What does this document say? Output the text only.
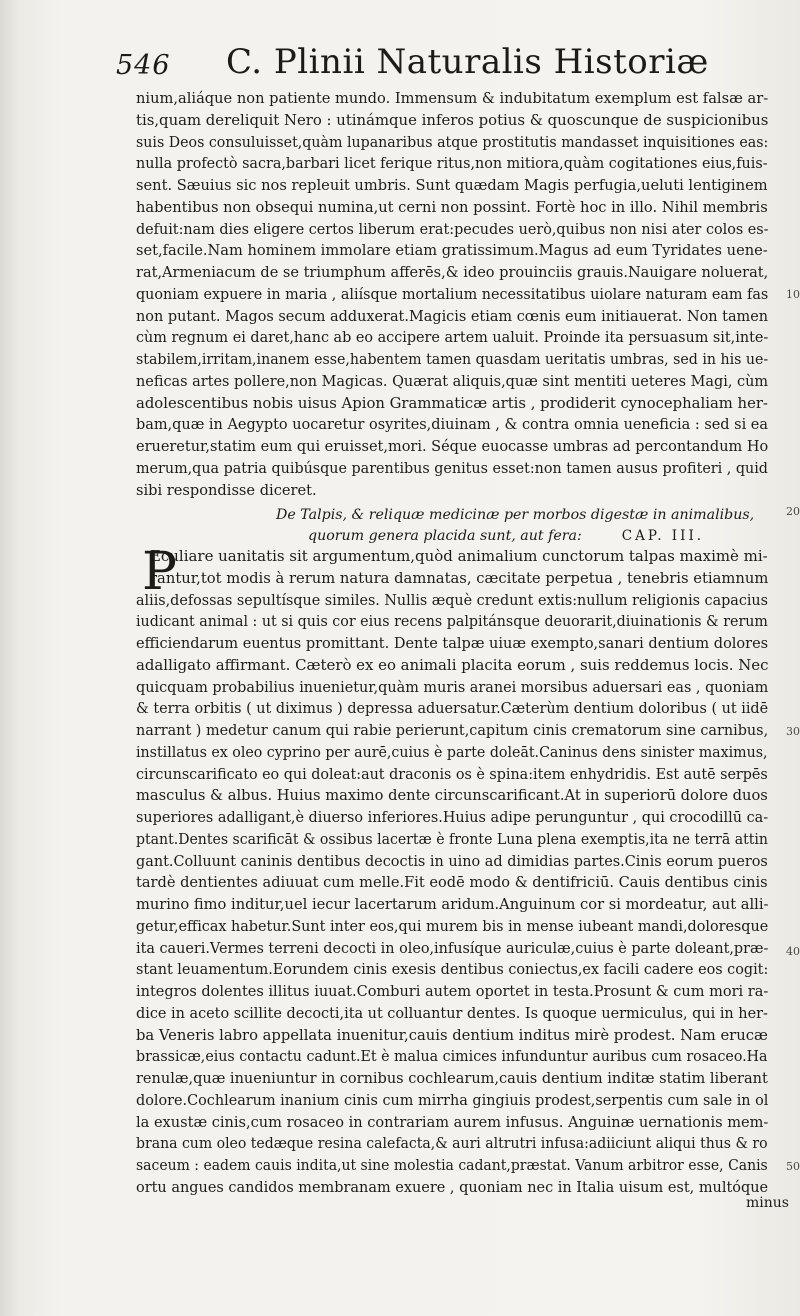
546 C. Plinii Naturalis Historiæ
nium,aliáque non patiente mundo. Immensum & indubitatum exemplum est falsæ ar-
tis,quam dereliquit Nero : utinámque inferos potius & quoscunque de suspicionibus
suis Deos consuluisset,quàm lupanaribus atque prostitutis mandasset inquisitiones eas:
nulla profectò sacra,barbari licet ferique ritus,non mitiora,quàm cogitationes eius,fuis-
sent. Sæuius sic nos repleuit umbris. Sunt quædam Magis perfugia,ueluti lentiginem
habentibus non obsequi numina,ut cerni non possint. Fortè hoc in illo. Nihil membris
defuit:nam dies eligere certos liberum erat:pecudes uerò,quibus non nisi ater colos es-
set,facile.Nam hominem immolare etiam gratissimum.Magus ad eum Tyridates uene-
rat,Armeniacum de se triumphum afferēs,& ideo prouinciis grauis.Nauigare noluerat,
quoniam expuere in maria , aliísque mortalium necessitatibus uiolare naturam eam fas
non putant. Magos secum adduxerat.Magicis etiam cœnis eum initiauerat. Non tamen
cùm regnum ei daret,hanc ab eo accipere artem ualuit. Proinde ita persuasum sit,inte-
stabilem,irritam,inanem esse,habentem tamen quasdam ueritatis umbras, sed in his ue-
neficas artes pollere,non Magicas. Quærat aliquis,quæ sint mentiti ueteres Magi, cùm
adolescentibus nobis uisus Apion Grammaticæ artis , prodiderit cynocephaliam her-
bam,quæ in Aegypto uocaretur osyrites,diuinam , & contra omnia ueneficia : sed si ea
erueretur,statim eum qui eruisset,mori. Séque euocasse umbras ad percontandum Ho
merum,qua patria quibúsque parentibus genitus esset:non tamen ausus profiteri , quid
sibi respondisse diceret.
De Talpis, & reliquæ medicinæ per morbos digestæ in animalibus,
quorum genera placida sunt, aut fera:	CAP. III.
P
Eculiare uanitatis sit argumentum,quòd animalium cunctorum talpas maximè mi-
rantur,tot modis à rerum natura damnatas, cæcitate perpetua , tenebris etiamnum
aliis,defossas sepultísque similes. Nullis æquè credunt extis:nullum religionis capacius
iudicant animal : ut si quis cor eius recens palpitánsque deuorarit,diuinationis & rerum
efficiendarum euentus promittant. Dente talpæ uiuæ exempto,sanari dentium dolores
adalligato affirmant. Cæterò ex eo animali placita eorum , suis reddemus locis. Nec
quicquam probabilius inuenietur,quàm muris aranei morsibus aduersari eas , quoniam
& terra orbitis ( ut diximus ) depressa aduersatur.Cæterùm dentium doloribus ( ut iidē
narrant ) medetur canum qui rabie perierunt,capitum cinis crematorum sine carnibus,
instillatus ex oleo cyprino per aurē,cuius è parte doleāt.Caninus dens sinister maximus,
circunscarificato eo qui doleat:aut draconis os è spina:item enhydridis. Est autē serpēs
masculus & albus. Huius maximo dente circunscarificant.At in superiorū dolore duos
superiores adalligant,è diuerso inferiores.Huius adipe perunguntur , qui crocodillū ca-
ptant.Dentes scarificāt & ossibus lacertæ è fronte Luna plena exemptis,ita ne terrā attin
gant.Colluunt caninis dentibus decoctis in uino ad dimidias partes.Cinis eorum pueros
tardè dentientes adiuuat cum melle.Fit eodē modo & dentifriciū. Cauis dentibus cinis
murino fimo inditur,uel iecur lacertarum aridum.Anguinum cor si mordeatur, aut alli-
getur,efficax habetur.Sunt inter eos,qui murem bis in mense iubeant mandi,doloresque
ita caueri.Vermes terreni decocti in oleo,infusíque auriculæ,cuius è parte doleant,præ-
stant leuamentum.Eorundem cinis exesis dentibus coniectus,ex facili cadere eos cogit:
integros dolentes illitus iuuat.Comburi autem oportet in testa.Prosunt & cum mori ra-
dice in aceto scillite decocti,ita ut colluantur dentes. Is quoque uermiculus, qui in her-
ba Veneris labro appellata inuenitur,cauis dentium inditus mirè prodest. Nam erucæ
brassicæ,eius contactu cadunt.Et è malua cimices infunduntur auribus cum rosaceo.Ha
renulæ,quæ inueniuntur in cornibus cochlearum,cauis dentium inditæ statim liberant
dolore.Cochlearum inanium cinis cum mirrha gingiuis prodest,serpentis cum sale in ol
la exustæ cinis,cum rosaceo in contrariam aurem infusus. Anguinæ uernationis mem-
brana cum oleo tedæque resina calefacta,& auri altrutri infusa:adiiciunt aliqui thus & ro
saceum : eadem cauis indita,ut sine molestia cadant,præstat. Vanum arbitror esse, Canis
ortu angues candidos membranam exuere , quoniam nec in Italia uisum est, multóque
10
20
30
40
50
minus
